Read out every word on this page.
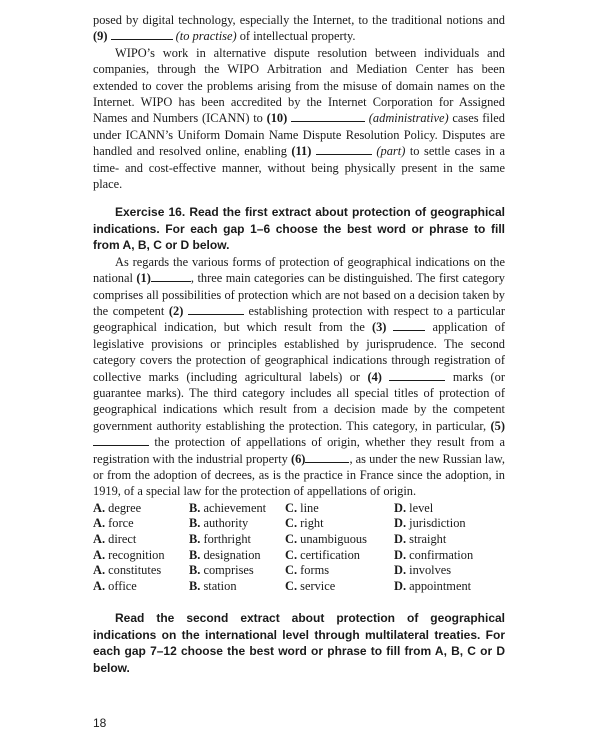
posed by digital technology, especially the Internet, to the traditional notions and (9)	(to practise) of intellectual property.

WIPO’s work in alternative dispute resolution between individuals and companies, through the WIPO Arbitration and Mediation Center has been extended to cover the problems arising from the misuse of domain names on the Internet. WIPO has been accredited by the Internet Corporation for Assigned Names and Numbers (ICANN) to (10)	(administrative) cases filed under ICANN’s Uniform Domain Name Dispute Resolution Policy. Disputes are handled and resolved online, enabling (11)	(part) to settle cases in a time- and cost-effective manner, without being physically present in the same place.

Exercise 16. Read the first extract about protection of geographical indications. For each gap 1–6 choose the best word or phrase to fill from A, B, C or D below.

As regards the various forms of protection of geographical indications on the national (1)	, three main categories can be distinguished. The first category comprises all possibilities of protection which are not based on a decision taken by the competent (2)	establishing protection with respect to a particular geographical indication, but which result from the (3)	application of legislative provisions or principles established by jurisprudence. The second category covers the protection of geographical indications through registration of collective marks (including agricultural labels) or (4)	marks (or guarantee marks). The third category includes all special titles of protection of geographical indications which result from a decision made by the competent government authority establishing the protection. This category, in particular, (5)  the protection of appellations of origin, whether they result from a registration with the industrial property (6)	, as under the new Russian law, or from the adoption of decrees, as is the practice in France since the adoption, in 1919, of a special law for the protection of appellations of origin.

A. degree	B. achievement	C. line	D. level
A. force	B. authority	C. right	D. jurisdiction
A. direct	B. forthright	C. unambiguous	D. straight
A. recognition	B. designation	C. certification	D. confirmation
A. constitutes	B. comprises	C. forms	D. involves
A. office	B. station	C. service	D. appointment

Read the second extract about protection of geographical indications on the international level through multilateral treaties. For each gap 7–12 choose the best word or phrase to fill from A, B, C or D below.

18
